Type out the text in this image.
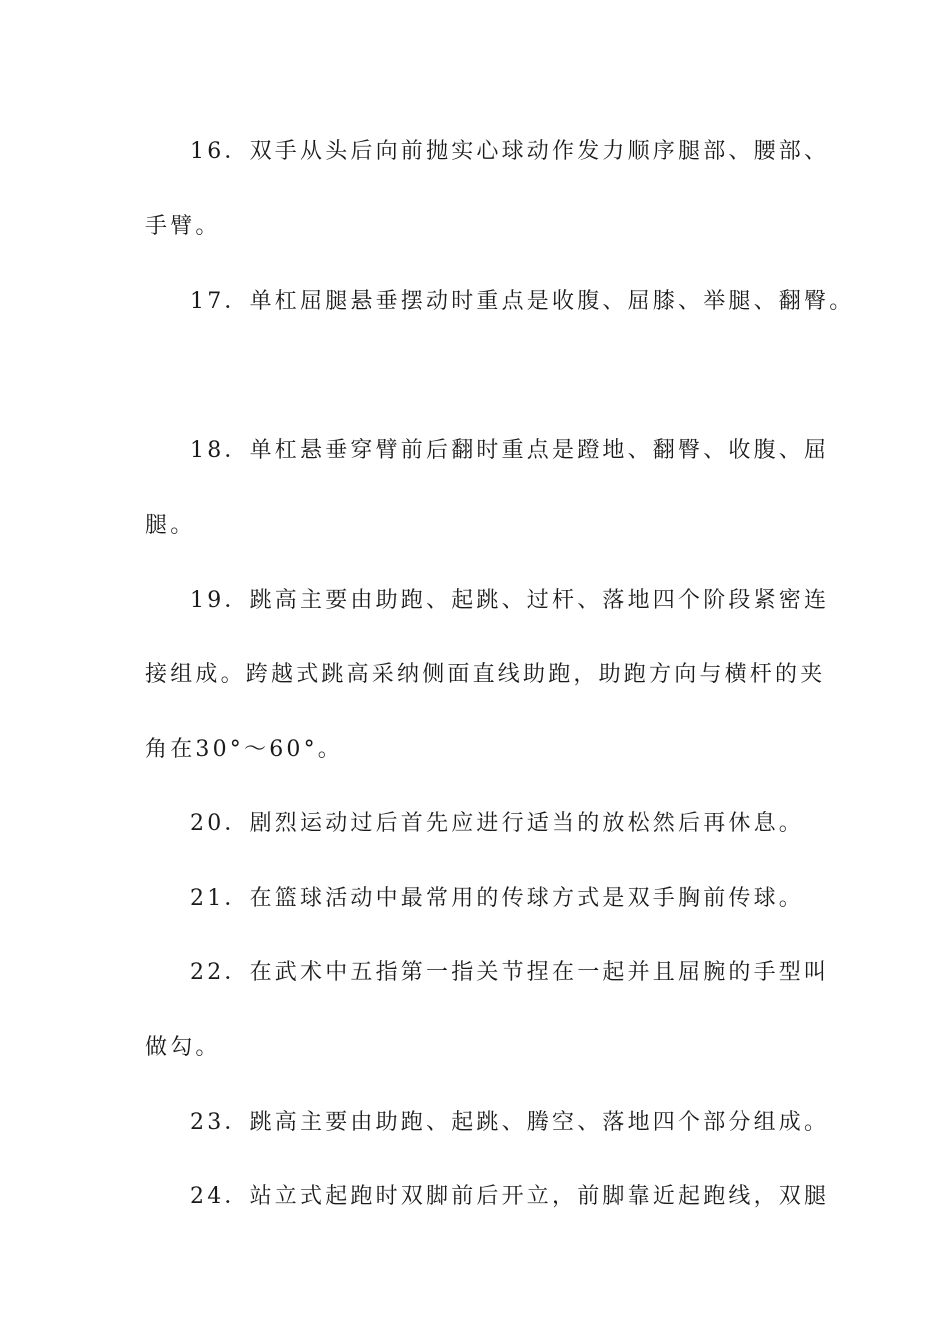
16．双手从头后向前抛实心球动作发力顺序腿部、腰部、
手臂。
17．单杠屈腿悬垂摆动时重点是收腹、屈膝、举腿、翻臀。
18．单杠悬垂穿臂前后翻时重点是蹬地、翻臀、收腹、屈
腿。
19．跳高主要由助跑、起跳、过杆、落地四个阶段紧密连
接组成。跨越式跳高采纳侧面直线助跑，助跑方向与横杆的夹
角在30°～60°。
20．剧烈运动过后首先应进行适当的放松然后再休息。
21．在篮球活动中最常用的传球方式是双手胸前传球。
22．在武术中五指第一指关节捏在一起并且屈腕的手型叫
做勾。
23．跳高主要由助跑、起跳、腾空、落地四个部分组成。
24．站立式起跑时双脚前后开立，前脚靠近起跑线，双腿
